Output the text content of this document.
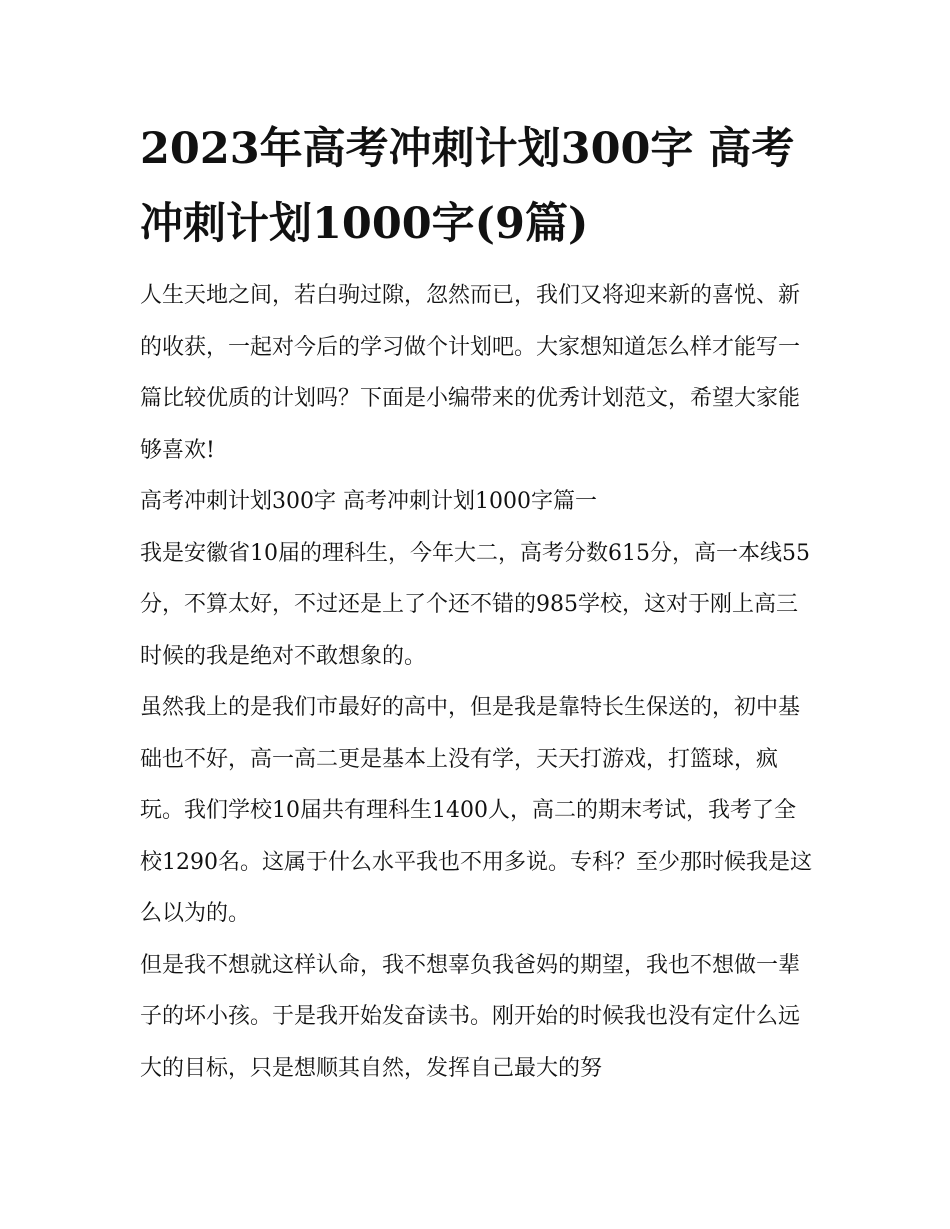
2023年高考冲刺计划300字 高考冲刺计划1000字(9篇)

人生天地之间，若白驹过隙，忽然而已，我们又将迎来新的喜悦、新的收获，一起对今后的学习做个计划吧。大家想知道怎么样才能写一篇比较优质的计划吗？下面是小编带来的优秀计划范文，希望大家能够喜欢!

高考冲刺计划300字 高考冲刺计划1000字篇一

我是安徽省10届的理科生，今年大二，高考分数615分，高一本线55分，不算太好，不过还是上了个还不错的985学校，这对于刚上高三时候的我是绝对不敢想象的。

虽然我上的是我们市最好的高中，但是我是靠特长生保送的，初中基础也不好，高一高二更是基本上没有学，天天打游戏，打篮球，疯玩。我们学校10届共有理科生1400人，高二的期末考试，我考了全校1290名。这属于什么水平我也不用多说。专科？至少那时候我是这么以为的。

但是我不想就这样认命，我不想辜负我爸妈的期望，我也不想做一辈子的坏小孩。于是我开始发奋读书。刚开始的时候我也没有定什么远大的目标，只是想顺其自然，发挥自己最大的努
